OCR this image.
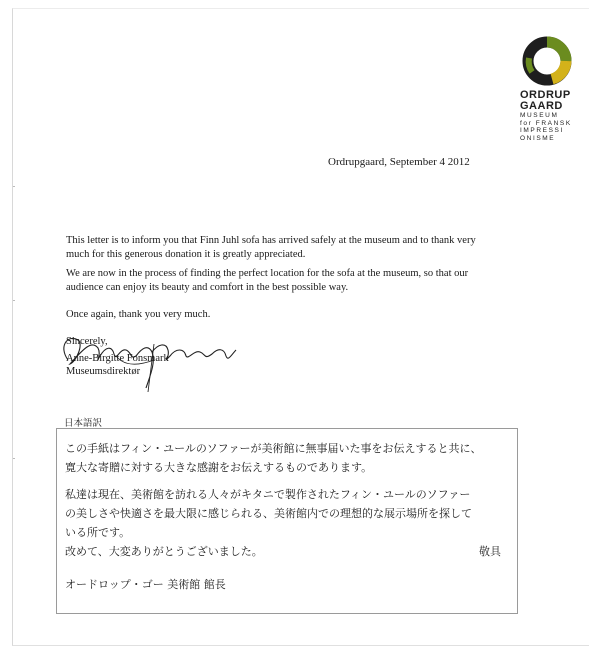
ORDRUP
GAARD
MUSEUM
for FRANSK
IMPRESSI
ONISME
Ordrupgaard, September 4 2012
This letter is to inform you that Finn Juhl sofa has arrived safely at the museum and to thank very much for this generous donation it is greatly appreciated.
We are now in the process of finding the perfect location for the sofa at the museum, so that our audience can enjoy its beauty and comfort in the best possible way.
Once again, thank you very much.
Sincerely,
Anne-Birgitte Fonsmark
Museumsdirektør
日本語訳
この手紙はフィン・ユールのソファーが美術館に無事届いた事をお伝えすると共に、
寛大な寄贈に対する大きな感謝をお伝えするものであります。
私達は現在、美術館を訪れる人々がキタニで製作されたフィン・ユールのソファー
の美しさや快適さを最大限に感じられる、美術館内での理想的な展示場所を探して
いる所です。
改めて、大変ありがとうございました。	敬具
オードロップ・ゴー 美術館 館長
